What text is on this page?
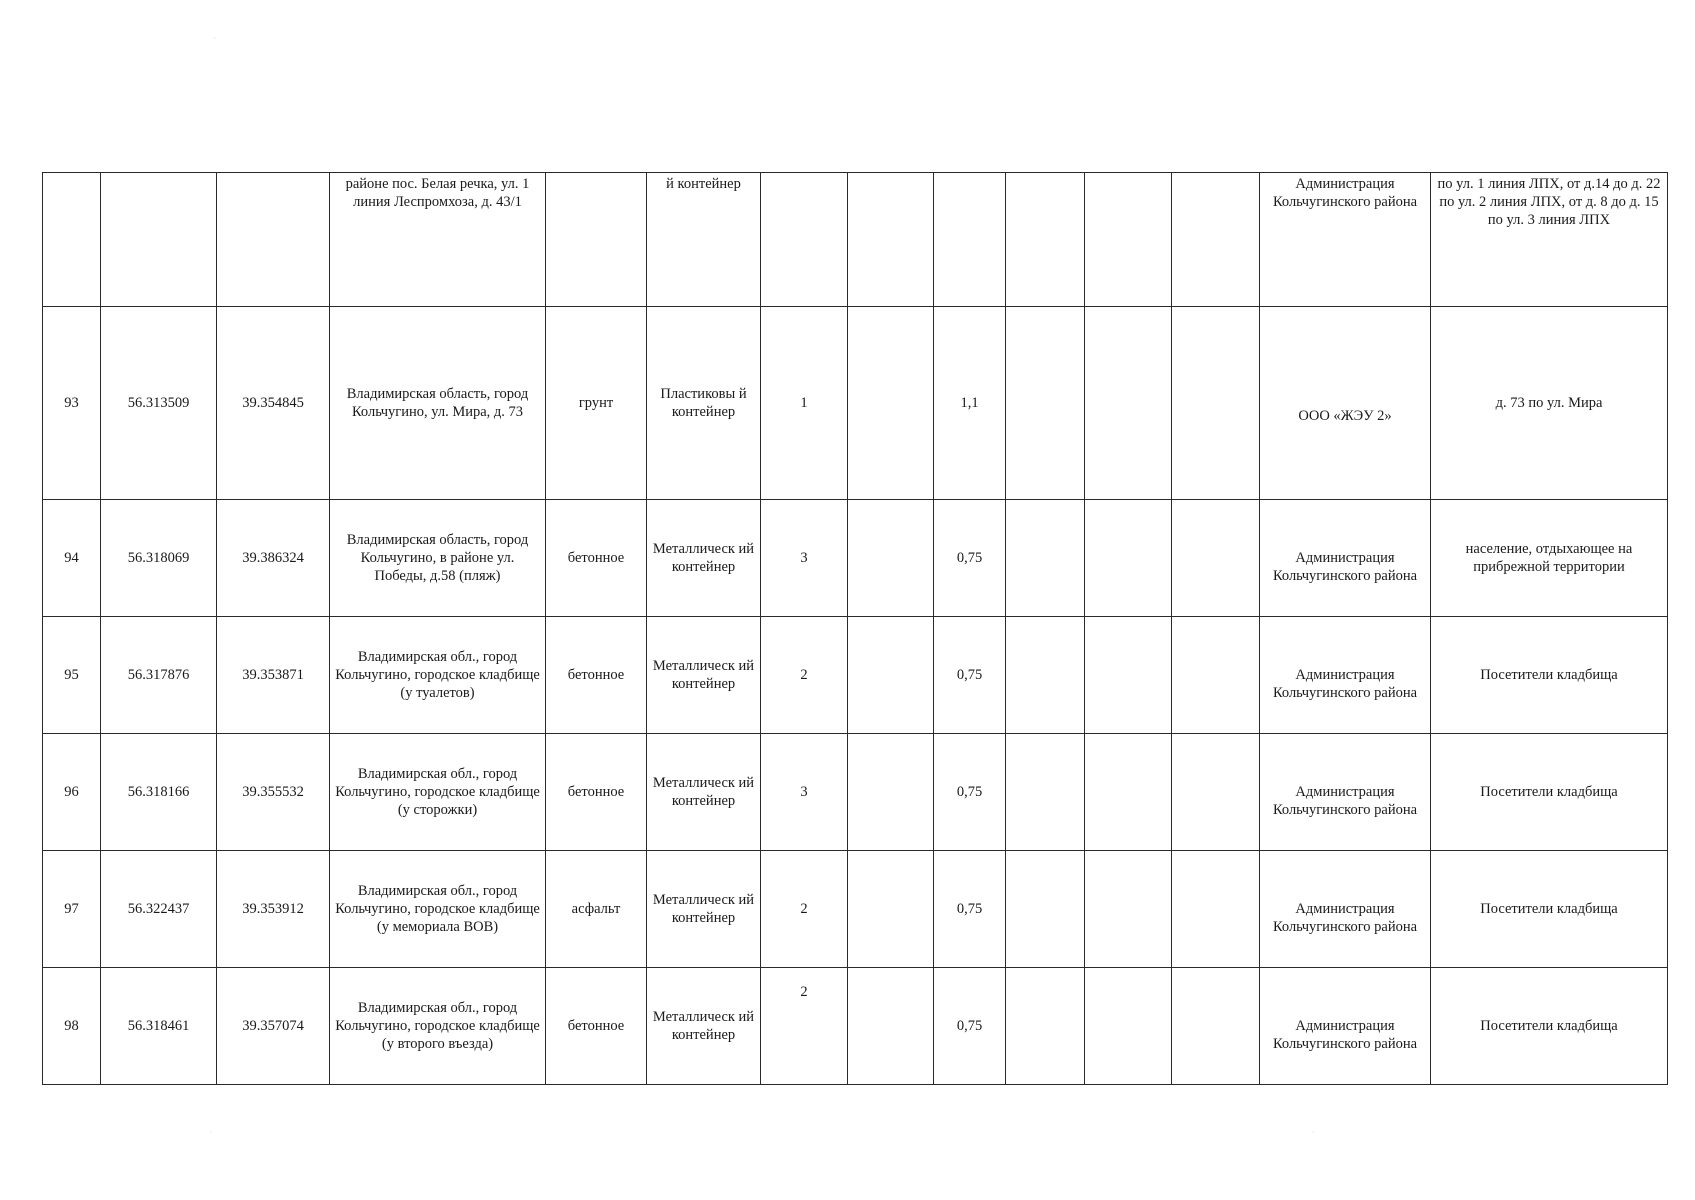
·
·	·
			районе пос. Белая речка, ул. 1 линия Леспромхоза, д. 43/1		й контейнер							Администрация Кольчугинского района	по ул. 1 линия ЛПХ, от д.14 до д. 22 по ул. 2 линия ЛПХ, от д. 8 до д. 15 по ул. 3 линия ЛПХ
93	56.313509	39.354845	Владимирская область, город Кольчугино, ул. Мира, д. 73	грунт	Пластиковы й контейнер	1		1,1				ООО «ЖЭУ 2»	д. 73 по ул. Мира
94	56.318069	39.386324	Владимирская область, город Кольчугино, в районе ул. Победы, д.58 (пляж)	бетонное	Металлическ ий контейнер	3		0,75				Администрация Кольчугинского района	население, отдыхающее на прибрежной территории
95	56.317876	39.353871	Владимирская обл., город Кольчугино, городское кладбище (у туалетов)	бетонное	Металлическ ий контейнер	2		0,75				Администрация Кольчугинского района	Посетители кладбища
96	56.318166	39.355532	Владимирская обл., город Кольчугино, городское кладбище (у сторожки)	бетонное	Металлическ ий контейнер	3		0,75				Администрация Кольчугинского района	Посетители кладбища
97	56.322437	39.353912	Владимирская обл., город Кольчугино, городское кладбище (у мемориала ВОВ)	асфальт	Металлическ ий контейнер	2		0,75				Администрация Кольчугинского района	Посетители кладбища
98	56.318461	39.357074	Владимирская обл., город Кольчугино, городское кладбище (у второго въезда)	бетонное	Металлическ ий контейнер	2		0,75				Администрация Кольчугинского района	Посетители кладбища
